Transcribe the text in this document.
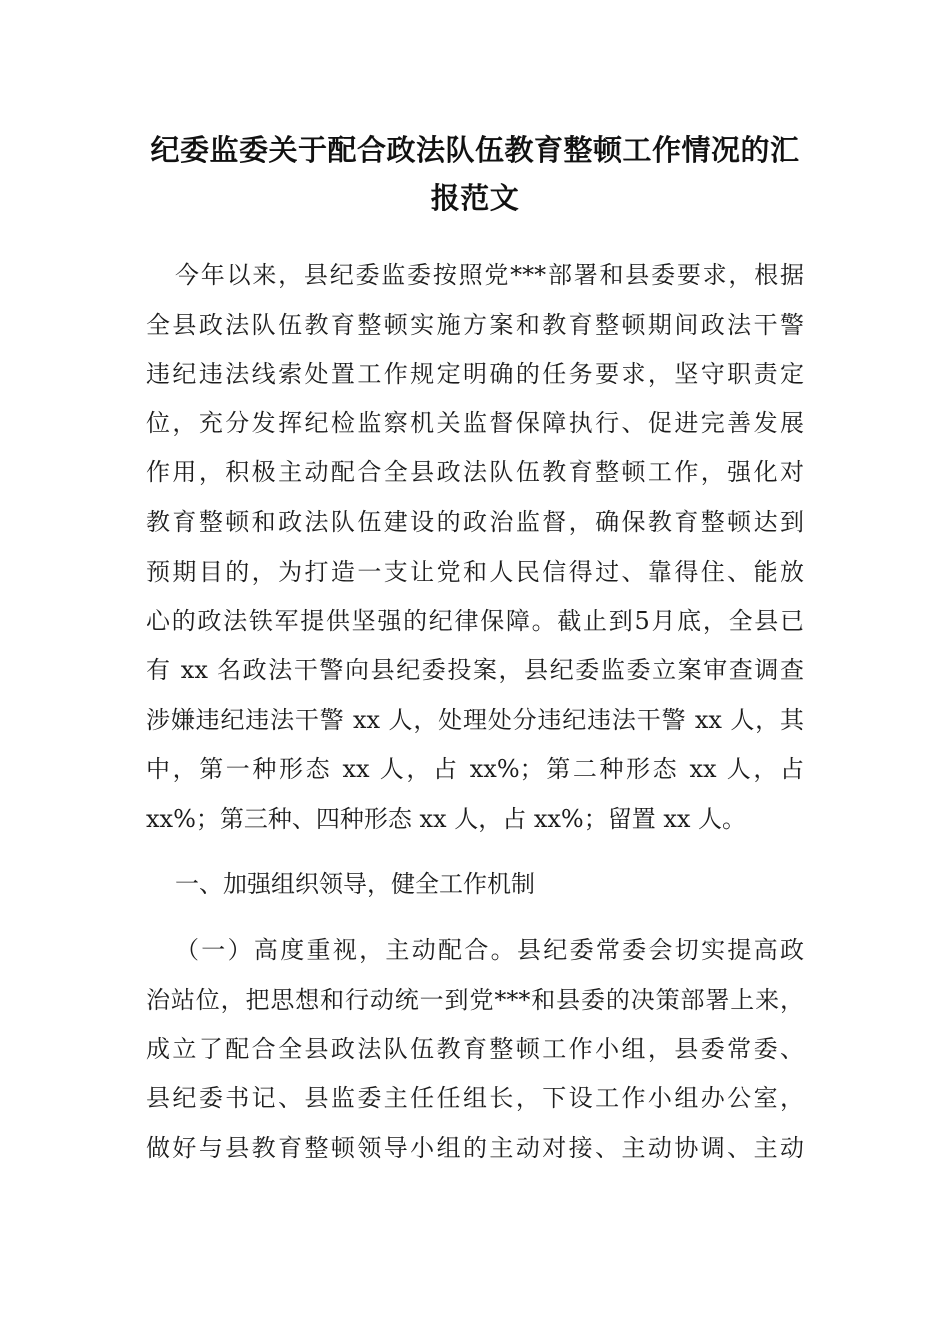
纪委监委关于配合政法队伍教育整顿工作情况的汇
报范文
今年以来，县纪委监委按照党***部署和县委要求，根据
全县政法队伍教育整顿实施方案和教育整顿期间政法干警
违纪违法线索处置工作规定明确的任务要求，坚守职责定
位，充分发挥纪检监察机关监督保障执行、促进完善发展
作用，积极主动配合全县政法队伍教育整顿工作，强化对
教育整顿和政法队伍建设的政治监督，确保教育整顿达到
预期目的，为打造一支让党和人民信得过、靠得住、能放
心的政法铁军提供坚强的纪律保障。截止到5月底，全县已
有 xx 名政法干警向县纪委投案，县纪委监委立案审查调查
涉嫌违纪违法干警 xx 人，处理处分违纪违法干警 xx 人，其
中，第一种形态 xx 人，占 xx%；第二种形态 xx 人，占
xx%；第三种、四种形态 xx 人，占 xx%；留置 xx 人。
一、加强组织领导，健全工作机制
（一）高度重视，主动配合。县纪委常委会切实提高政
治站位，把思想和行动统一到党***和县委的决策部署上来，
成立了配合全县政法队伍教育整顿工作小组，县委常委、
县纪委书记、县监委主任任组长，下设工作小组办公室，
做好与县教育整顿领导小组的主动对接、主动协调、主动
